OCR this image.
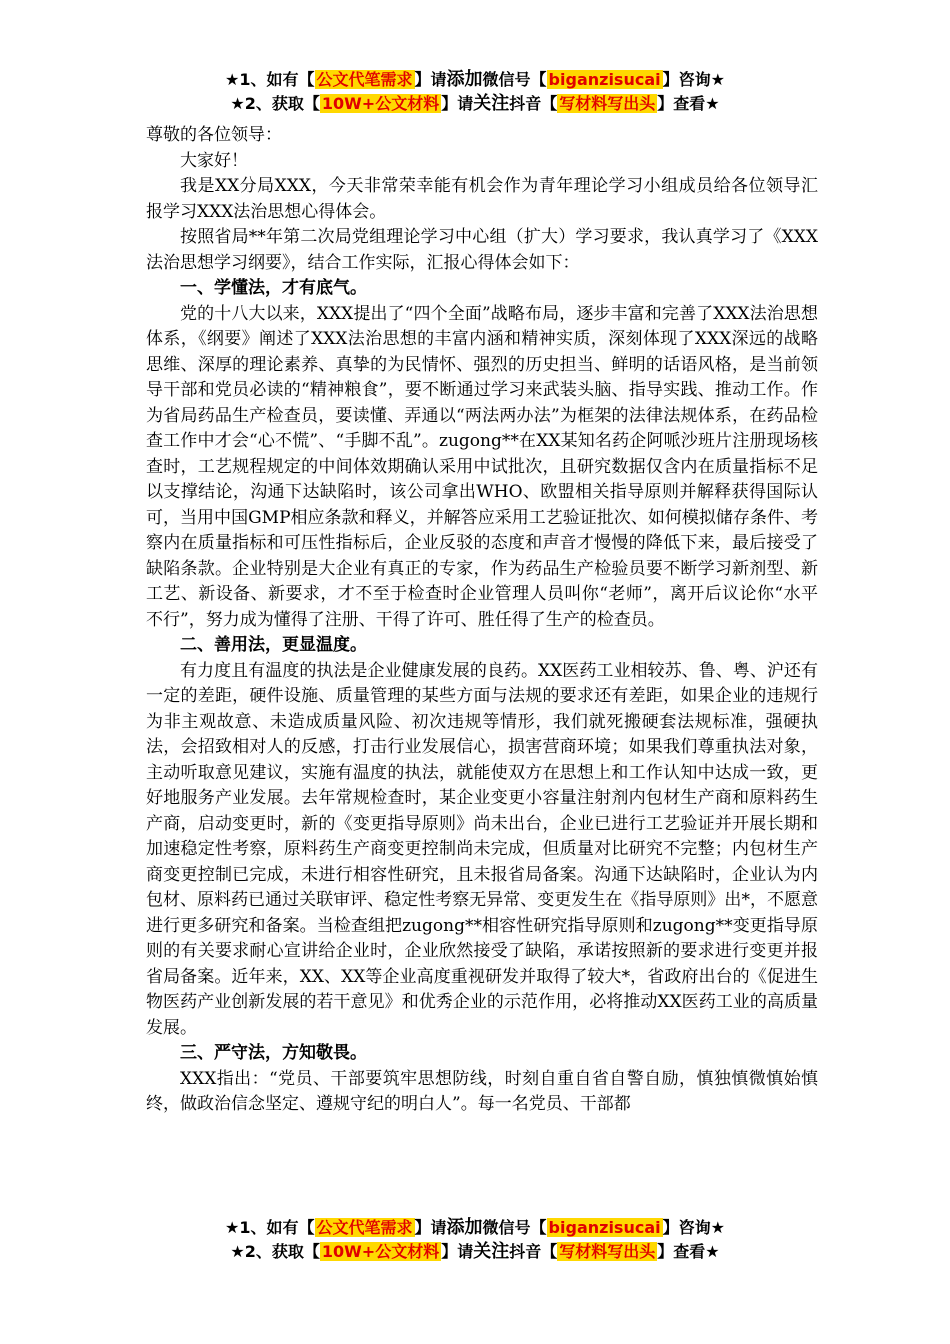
★1、如有【 公文代笔需求 】请添加微信号【 biganzisucai 】咨询★
★2、获取【 10W+公文材料 】请关注抖音【 写材料写出头 】查看★

尊敬的各位领导：

大家好！

我是XX分局XXX，今天非常荣幸能有机会作为青年理论学习小组成员给各位领导汇报学习XXX法治思想心得体会。

按照省局**年第二次局党组理论学习中心组（扩大）学习要求，我认真学习了《XXX法治思想学习纲要》，结合工作实际，汇报心得体会如下：

一、学懂法，才有底气。

党的十八大以来，XXX提出了“四个全面”战略布局，逐步丰富和完善了XXX法治思想体系，《纲要》阐述了XXX法治思想的丰富内涵和精神实质，深刻体现了XXX深远的战略思维、深厚的理论素养、真挚的为民情怀、强烈的历史担当、鲜明的话语风格，是当前领导干部和党员必读的“精神粮食”，要不断通过学习来武装头脑、指导实践、推动工作。作为省局药品生产检查员，要读懂、弄通以“两法两办法”为框架的法律法规体系，在药品检查工作中才会“心不慌”、“手脚不乱”。zugong**在XX某知名药企阿哌沙班片注册现场核查时，工艺规程规定的中间体效期确认采用中试批次，且研究数据仅含内在质量指标不足以支撑结论，沟通下达缺陷时，该公司拿出WHO、欧盟相关指导原则并解释获得国际认可，当用中国GMP相应条款和释义，并解答应采用工艺验证批次、如何模拟储存条件、考察内在质量指标和可压性指标后，企业反驳的态度和声音才慢慢的降低下来，最后接受了缺陷条款。企业特别是大企业有真正的专家，作为药品生产检验员要不断学习新剂型、新工艺、新设备、新要求，才不至于检查时企业管理人员叫你“老师”，离开后议论你“水平不行”，努力成为懂得了注册、干得了许可、胜任得了生产的检查员。

二、善用法，更显温度。

有力度且有温度的执法是企业健康发展的良药。XX医药工业相较苏、鲁、粤、沪还有一定的差距，硬件设施、质量管理的某些方面与法规的要求还有差距，如果企业的违规行为非主观故意、未造成质量风险、初次违规等情形，我们就死搬硬套法规标准，强硬执法，会招致相对人的反感，打击行业发展信心，损害营商环境；如果我们尊重执法对象，主动听取意见建议，实施有温度的执法，就能使双方在思想上和工作认知中达成一致，更好地服务产业发展。去年常规检查时，某企业变更小容量注射剂内包材生产商和原料药生产商，启动变更时，新的《变更指导原则》尚未出台，企业已进行工艺验证并开展长期和加速稳定性考察，原料药生产商变更控制尚未完成，但质量对比研究不完整；内包材生产商变更控制已完成，未进行相容性研究，且未报省局备案。沟通下达缺陷时，企业认为内包材、原料药已通过关联审评、稳定性考察无异常、变更发生在《指导原则》出*，不愿意进行更多研究和备案。当检查组把zugong**相容性研究指导原则和zugong**变更指导原则的有关要求耐心宣讲给企业时，企业欣然接受了缺陷，承诺按照新的要求进行变更并报省局备案。近年来，XX、XX等企业高度重视研发并取得了较大*，省政府出台的《促进生物医药产业创新发展的若干意见》和优秀企业的示范作用，必将推动XX医药工业的高质量发展。

三、严守法，方知敬畏。

XXX指出：“党员、干部要筑牢思想防线，时刻自重自省自警自励，慎独慎微慎始慎终，做政治信念坚定、遵规守纪的明白人”。每一名党员、干部都

★1、如有【 公文代笔需求 】请添加微信号【 biganzisucai 】咨询★
★2、获取【 10W+公文材料 】请关注抖音【 写材料写出头 】查看★
